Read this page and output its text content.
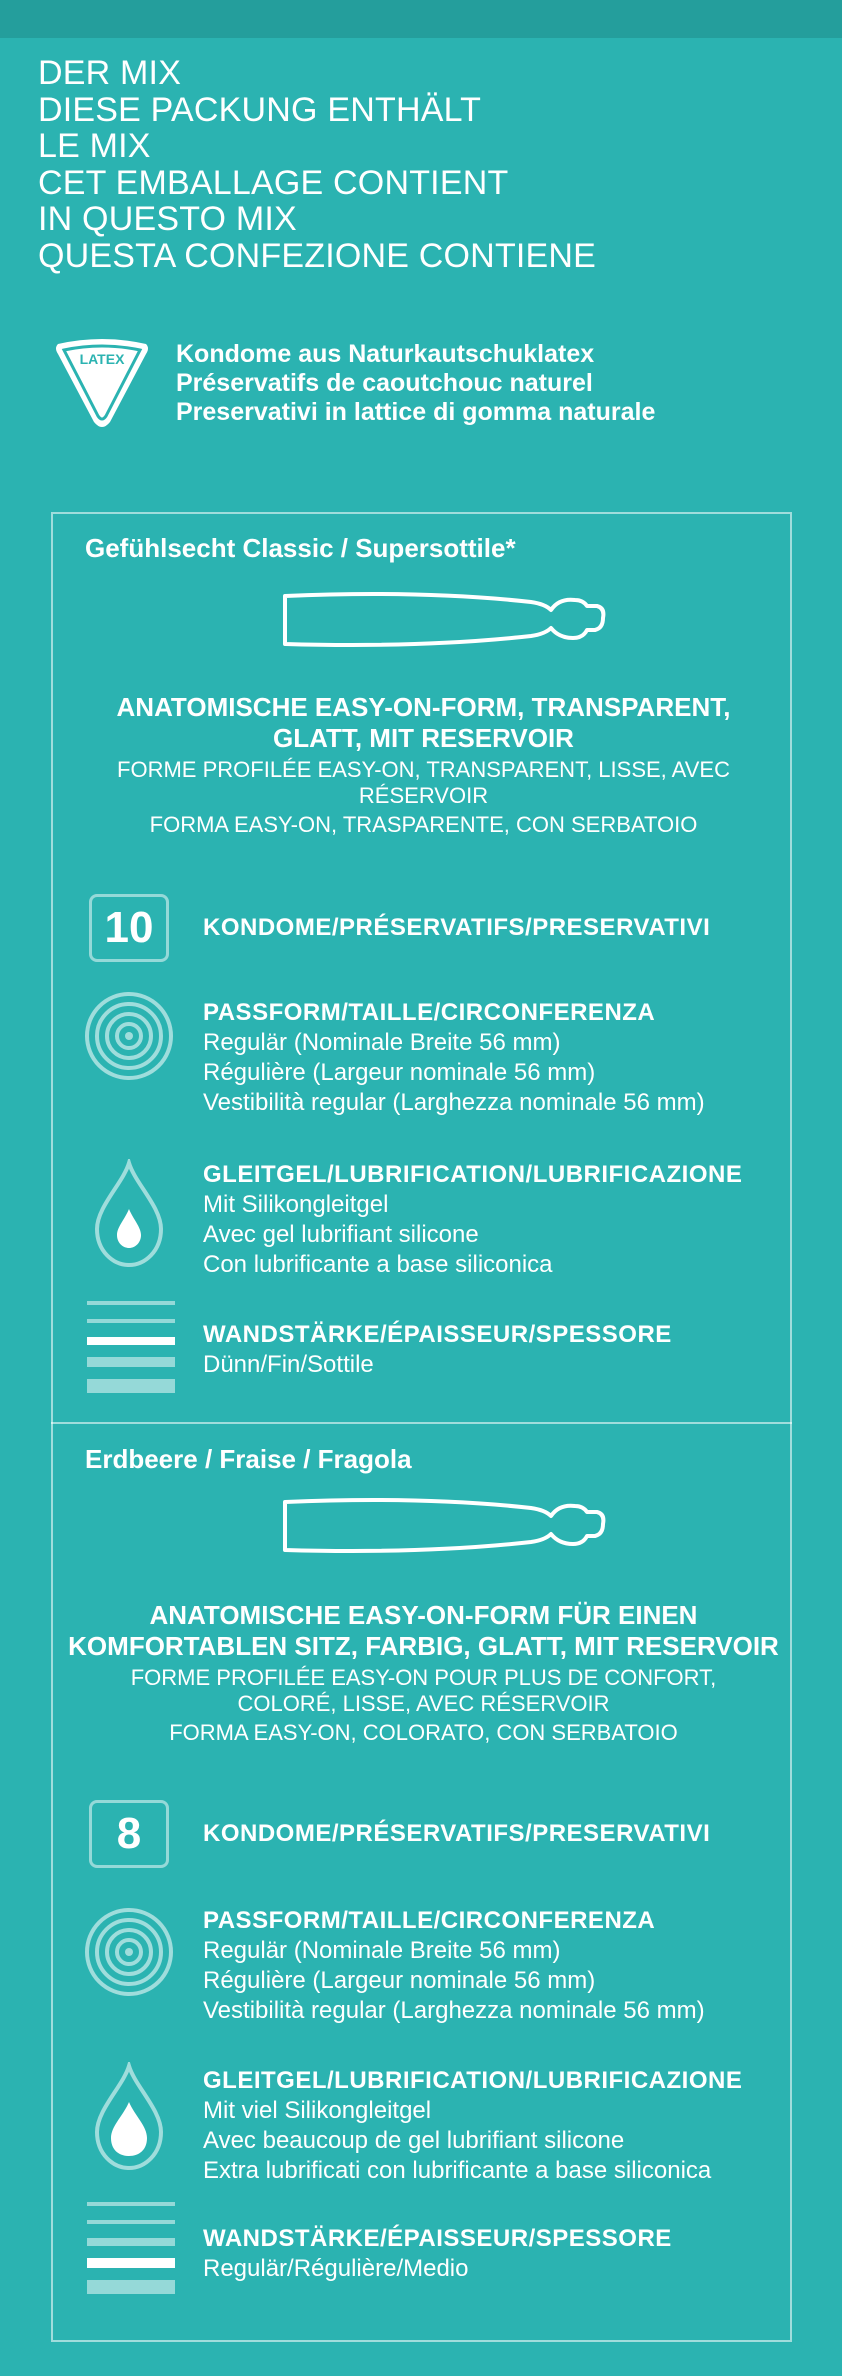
DER MIX
DIESE PACKUNG ENTHÄLT
LE MIX
CET EMBALLAGE CONTIENT
IN QUESTO MIX
QUESTA CONFEZIONE CONTIENE
LATEX	Kondome aus Naturkautschuklatex
Préservatifs de caoutchouc naturel
Preservativi in lattice di gomma naturale
Gefühlsecht Classic / Supersottile*
ANATOMISCHE EASY-ON-FORM, TRANSPARENT,
GLATT, MIT RESERVOIR
FORME PROFILÉE EASY-ON, TRANSPARENT, LISSE, AVEC
RÉSERVOIR
FORMA EASY-ON, TRASPARENTE, CON SERBATOIO
10	KONDOME/PRÉSERVATIFS/PRESERVATIVI
PASSFORM/TAILLE/CIRCONFERENZA
Regulär (Nominale Breite 56 mm)
Régulière (Largeur nominale 56 mm)
Vestibilità regular (Larghezza nominale 56 mm)
GLEITGEL/LUBRIFICATION/LUBRIFICAZIONE
Mit Silikongleitgel
Avec gel lubrifiant silicone
Con lubrificante a base siliconica
WANDSTÄRKE/ÉPAISSEUR/SPESSORE
Dünn/Fin/Sottile
Erdbeere / Fraise / Fragola
ANATOMISCHE EASY-ON-FORM FÜR EINEN
KOMFORTABLEN SITZ, FARBIG, GLATT, MIT RESERVOIR
FORME PROFILÉE EASY-ON POUR PLUS DE CONFORT,
COLORÉ, LISSE, AVEC RÉSERVOIR
FORMA EASY-ON, COLORATO, CON SERBATOIO
8	KONDOME/PRÉSERVATIFS/PRESERVATIVI
PASSFORM/TAILLE/CIRCONFERENZA
Regulär (Nominale Breite 56 mm)
Régulière (Largeur nominale 56 mm)
Vestibilità regular (Larghezza nominale 56 mm)
GLEITGEL/LUBRIFICATION/LUBRIFICAZIONE
Mit viel Silikongleitgel
Avec beaucoup de gel lubrifiant silicone
Extra lubrificati con lubrificante a base siliconica
WANDSTÄRKE/ÉPAISSEUR/SPESSORE
Regulär/Régulière/Medio
